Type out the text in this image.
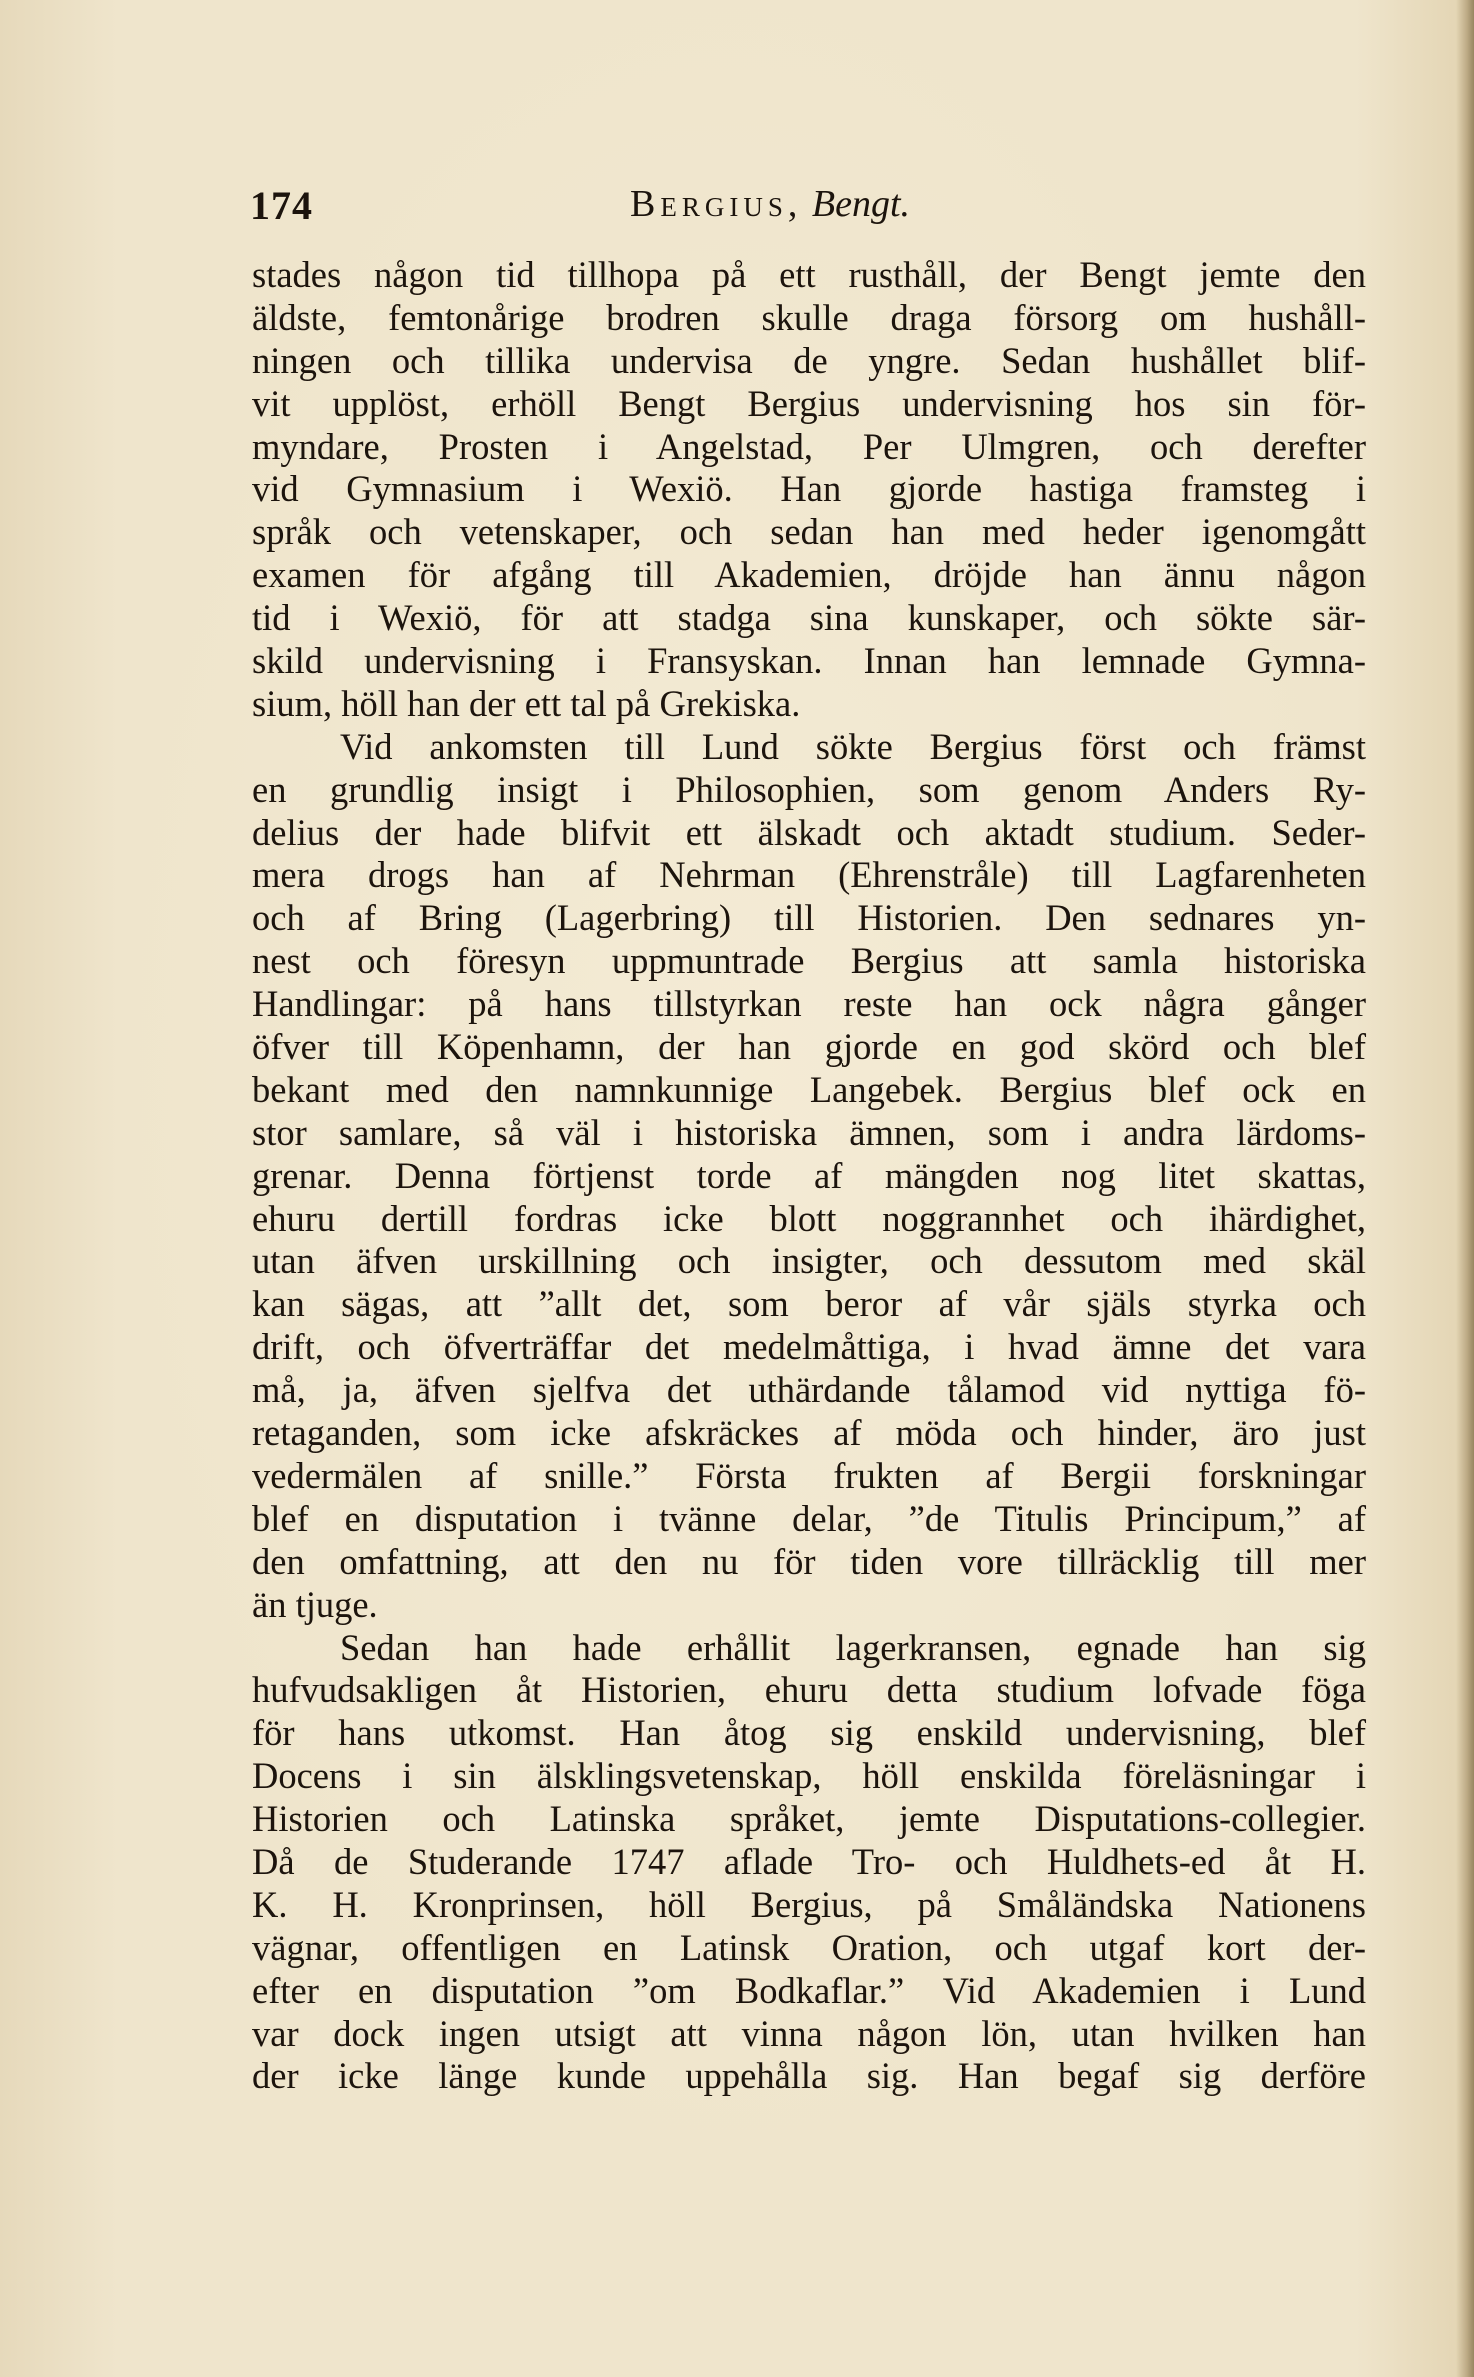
174	Bergius, Bengt.
stades någon tid tillhopa på ett rusthåll, der Bengt jemte den
äldste, femtonårige brodren skulle draga försorg om hushåll-
ningen och tillika undervisa de yngre. Sedan hushållet blif-
vit upplöst, erhöll Bengt Bergius undervisning hos sin för-
myndare, Prosten i Angelstad, Per Ulmgren, och derefter
vid Gymnasium i Wexiö. Han gjorde hastiga framsteg i
språk och vetenskaper, och sedan han med heder igenomgått
examen för afgång till Akademien, dröjde han ännu någon
tid i Wexiö, för att stadga sina kunskaper, och sökte sär-
skild undervisning i Fransyskan. Innan han lemnade Gymna-
sium, höll han der ett tal på Grekiska.
Vid ankomsten till Lund sökte Bergius först och främst
en grundlig insigt i Philosophien, som genom Anders Ry-
delius der hade blifvit ett älskadt och aktadt studium. Seder-
mera drogs han af Nehrman (Ehrenstråle) till Lagfarenheten
och af Bring (Lagerbring) till Historien. Den sednares yn-
nest och föresyn uppmuntrade Bergius att samla historiska
Handlingar: på hans tillstyrkan reste han ock några gånger
öfver till Köpenhamn, der han gjorde en god skörd och blef
bekant med den namnkunnige Langebek. Bergius blef ock en
stor samlare, så väl i historiska ämnen, som i andra lärdoms-
grenar. Denna förtjenst torde af mängden nog litet skattas,
ehuru dertill fordras icke blott noggrannhet och ihärdighet,
utan äfven urskillning och insigter, och dessutom med skäl
kan sägas, att ”allt det, som beror af vår själs styrka och
drift, och öfverträffar det medelmåttiga, i hvad ämne det vara
må, ja, äfven sjelfva det uthärdande tålamod vid nyttiga fö-
retaganden, som icke afskräckes af möda och hinder, äro just
vedermälen af snille.” Första frukten af Bergii forskningar
blef en disputation i tvänne delar, ”de Titulis Principum,” af
den omfattning, att den nu för tiden vore tillräcklig till mer
än tjuge.
Sedan han hade erhållit lagerkransen, egnade han sig
hufvudsakligen åt Historien, ehuru detta studium lofvade föga
för hans utkomst. Han åtog sig enskild undervisning, blef
Docens i sin älsklingsvetenskap, höll enskilda föreläsningar i
Historien och Latinska språket, jemte Disputations-collegier.
Då de Studerande 1747 aflade Tro- och Huldhets-ed åt H.
K. H. Kronprinsen, höll Bergius, på Småländska Nationens
vägnar, offentligen en Latinsk Oration, och utgaf kort der-
efter en disputation ”om Bodkaflar.” Vid Akademien i Lund
var dock ingen utsigt att vinna någon lön, utan hvilken han
der icke länge kunde uppehålla sig. Han begaf sig derföre
